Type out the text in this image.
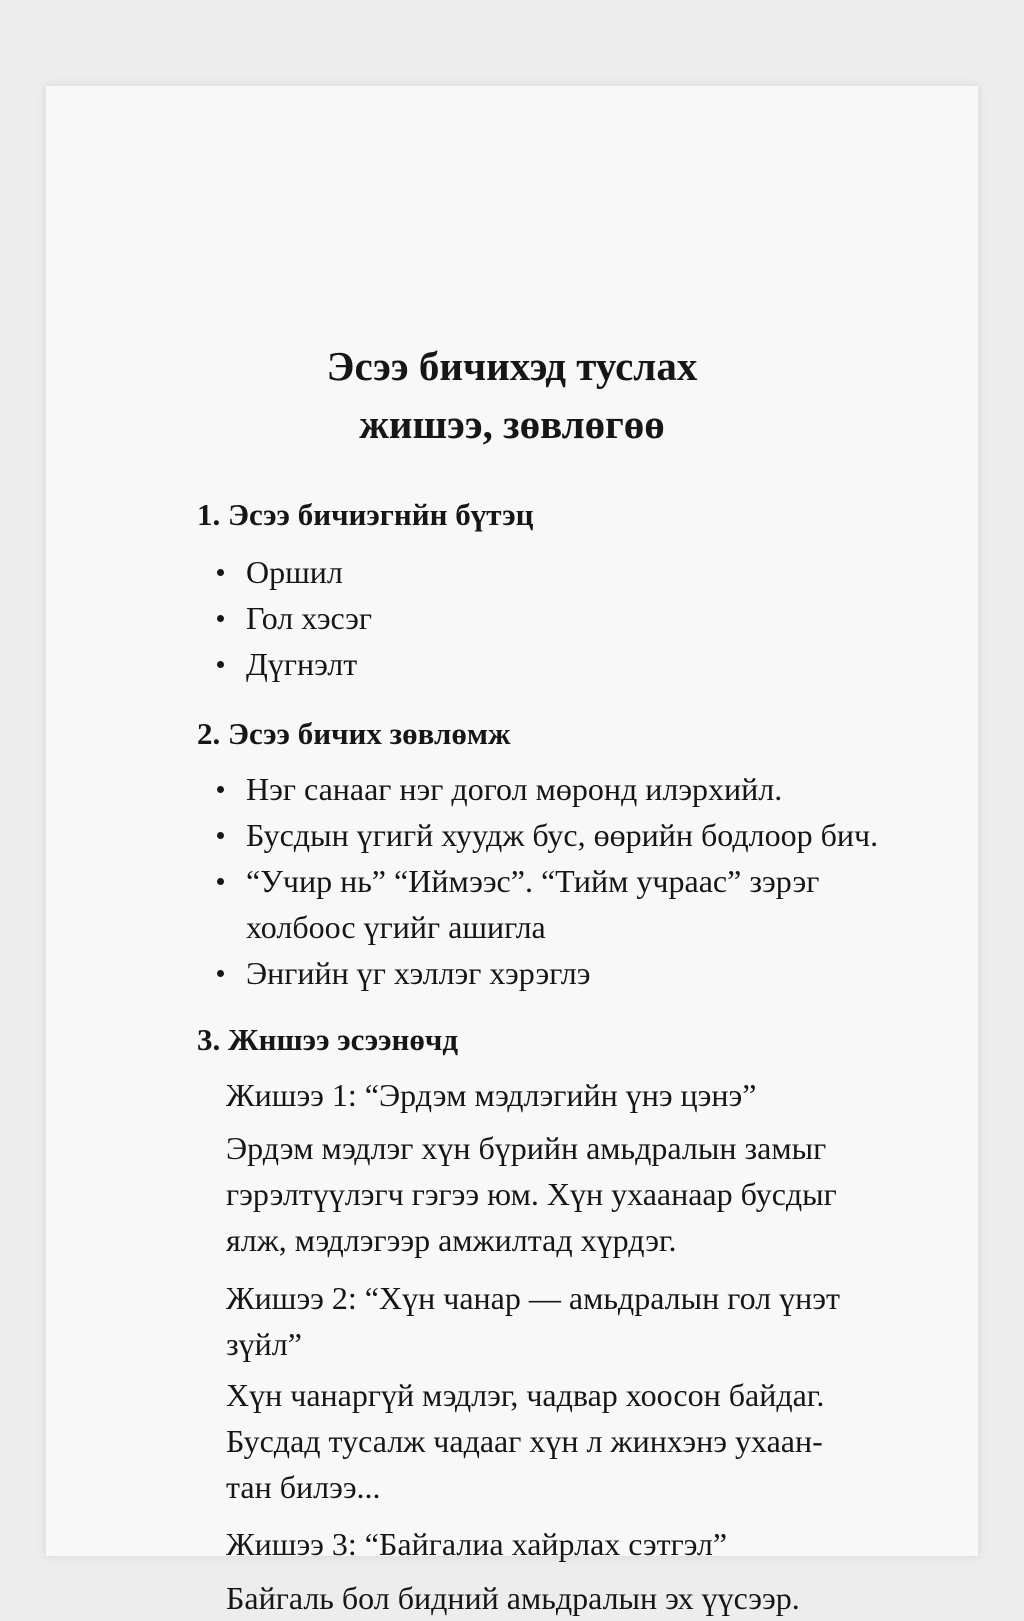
Эсээ бичихэд туслах
жишээ, зөвлөгөө
1. Эсээ бичиэгнйн бүтэц
Оршил
Гол хэсэг
Дүгнэлт
2. Эсээ бичих зөвлөмж
Нэг санааг нэг догол мөронд илэрхийл.
Бусдын үгигй хуудж бус, өөрийн бодлоор бич.
“Учир нь” “Иймээс”. “Тийм учраас” зэрэг
холбоос үгийг ашигла
Энгийн үг хэллэг хэрэглэ
3. Жншээ эсээнөчд

Жишээ 1: “Эрдэм мэдлэгийн үнэ цэнэ”

Эрдэм мэдлэг хүн бүрийн амьдралын замыг
гэрэлтүүлэгч гэгээ юм. Хүн ухаанаар бусдыг
ялж, мэдлэгээр амжилтад хүрдэг.

Жишээ 2: “Хүн чанар — амьдралын гол үнэт
зүйл”

Хүн чанаргүй мэдлэг, чадвар хоосон байдаг.
Бусдад тусалж чадааг хүн л жинхэнэ ухаан-
тан билээ...

Жишээ 3: “Байгалиа хайрлах сэтгэл”

Байгаль бол бидний амьдралын эх үүсээр.
